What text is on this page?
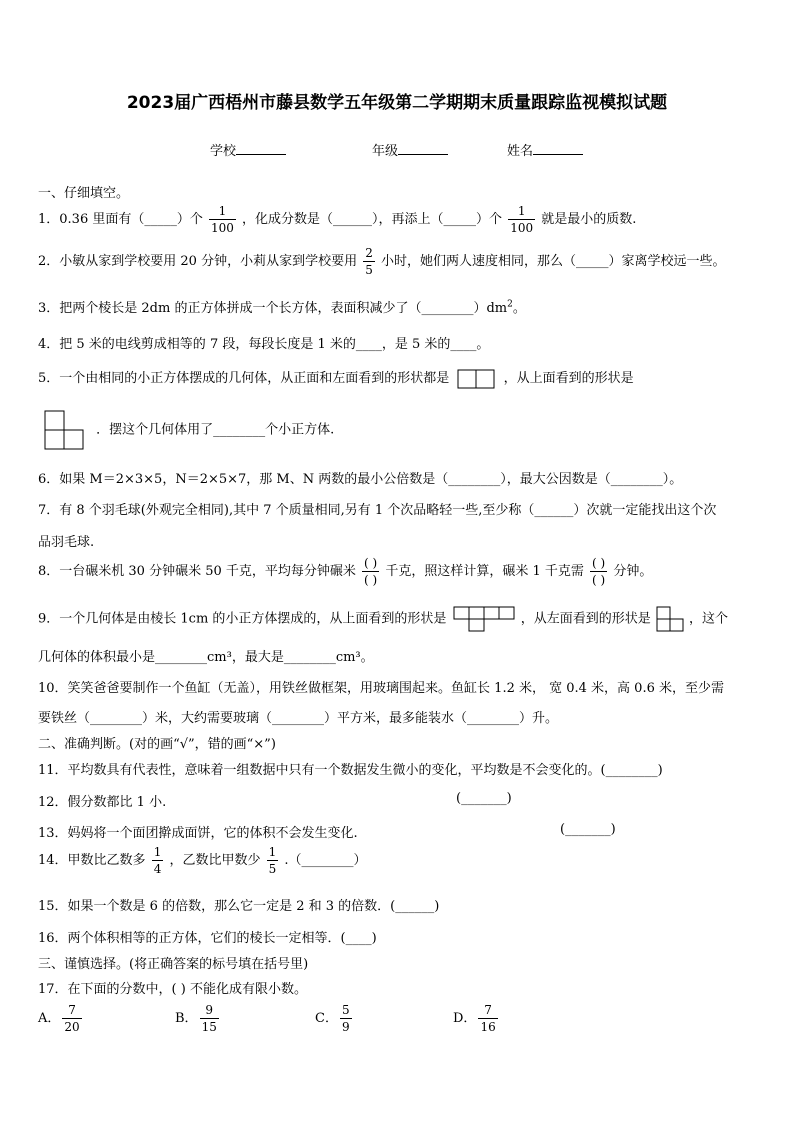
2023届广西梧州市藤县数学五年级第二学期期末质量跟踪监视模拟试题
学校	年级	姓名
一、仔细填空。
1．0.36 里面有（_____）个 $\frac{1}{100}$ ，化成分数是（______），再添上（_____）个 $\frac{1}{100}$ 就是最小的质数.
2．小敏从家到学校要用 20 分钟，小莉从家到学校要用 $\frac{2}{5}$ 小时，她们两人速度相同，那么（_____）家离学校远一些。
3．把两个棱长是 2dm 的正方体拼成一个长方体，表面积减少了$(\_\_\_\_\_\_\_\_)dm^2$。
4．把 5 米的电线剪成相等的 7 段，每段长度是 1 米的____，是 5 米的____。
5．一个由相同的小正方体摆成的几何体，从正面和左面看到的形状都是	，从上面看到的形状是
．摆这个几何体用了________个小正方体.
6．如果 M＝2×3×5，N＝2×5×7，那 M、N 两数的最小公倍数是（________），最大公因数是（________）。
7．有 8 个羽毛球(外观完全相同),其中 7 个质量相同,另有 1 个次品略轻一些,至少称（______）次就一定能找出这个次
品羽毛球.
8．一台碾米机 30 分钟碾米 50 千克，平均每分钟碾米 $\frac{( )}{( )}$ 千克，照这样计算，碾米 1 千克需 $\frac{( )}{( )}$ 分钟。
9．一个几何体是由棱长 1cm 的小正方体摆成的，从上面看到的形状是	，从左面看到的形状是	，这个
几何体的体积最小是________cm³，最大是________cm³。
10．笑笑爸爸要制作一个鱼缸（无盖），用铁丝做框架，用玻璃围起来。鱼缸长 1.2 米， 宽 0.4 米，高 0.6 米，至少需
要铁丝（________）米，大约需要玻璃（________）平方米，最多能装水（________）升。
二、准确判断。(对的画“√”，错的画“×”)
11．平均数具有代表性，意味着一组数据中只有一个数据发生微小的变化，平均数是不会变化的。(________)
12．假分数都比 1 小.	(_______)
13．妈妈将一个面团擀成面饼，它的体积不会发生变化.	(_______)
14．甲数比乙数多 $\frac{1}{4}$ ，乙数比甲数少 $\frac{1}{5}$ .（________）
15．如果一个数是 6 的倍数，那么它一定是 2 和 3 的倍数．(______)
16．两个体积相等的正方体，它们的棱长一定相等．(____)
三、谨慎选择。(将正确答案的标号填在括号里)
17．在下面的分数中，( ) 不能化成有限小数。
A． $\frac{7}{20}$	B． $\frac{9}{15}$	C． $\frac{5}{9}$	D． $\frac{7}{16}$
